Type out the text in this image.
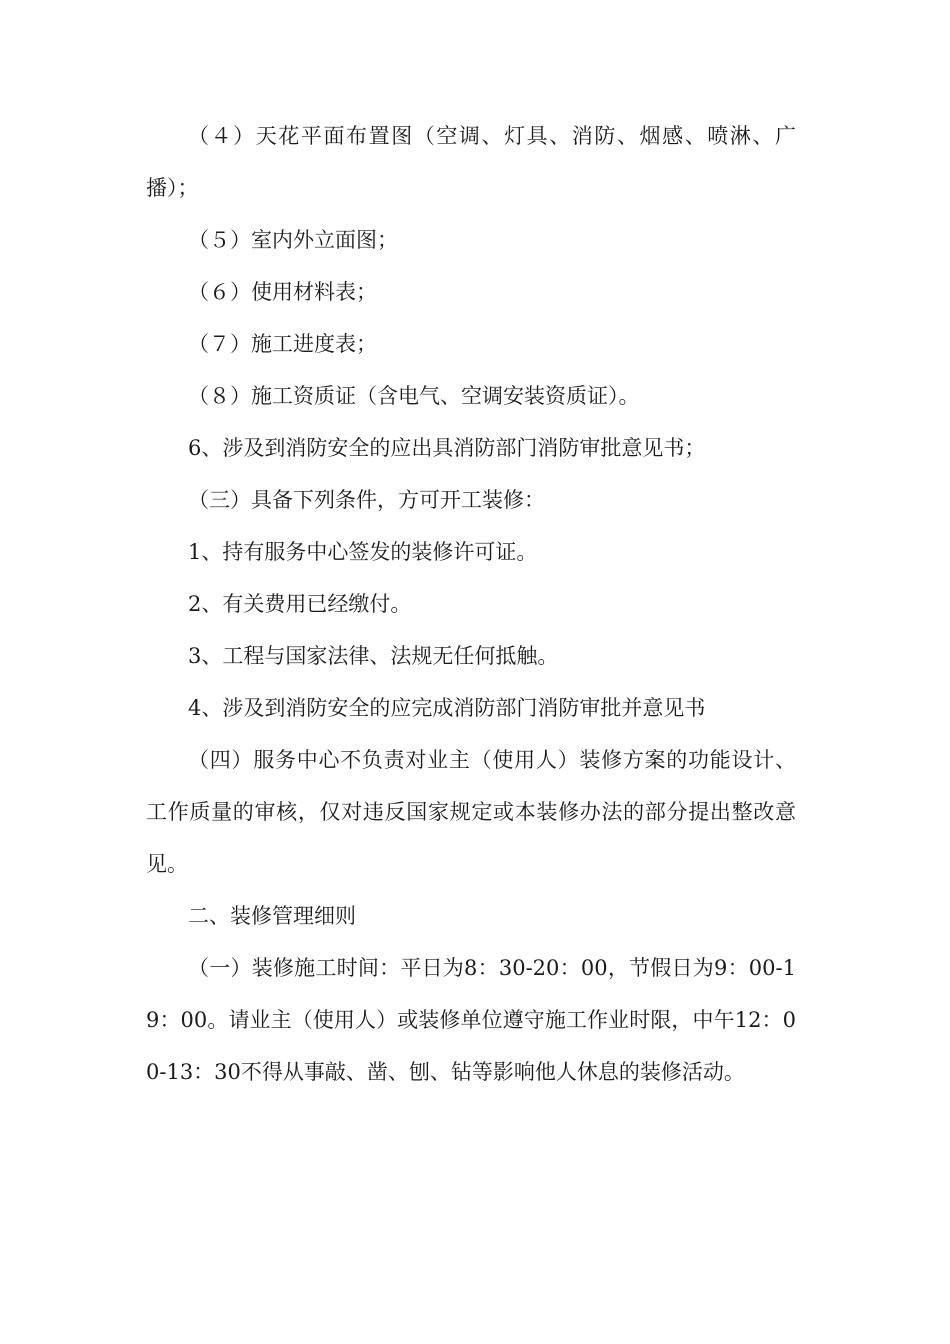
（４）天花平面布置图（空调、灯具、消防、烟感、喷淋、广播）；

（５）室内外立面图；

（６）使用材料表；

（７）施工进度表；

（８）施工资质证（含电气、空调安装资质证）。

6、涉及到消防安全的应出具消防部门消防审批意见书；

（三）具备下列条件，方可开工装修：

1、持有服务中心签发的装修许可证。

2、有关费用已经缴付。

3、工程与国家法律、法规无任何抵触。

4、涉及到消防安全的应完成消防部门消防审批并意见书

（四）服务中心不负责对业主（使用人）装修方案的功能设计、工作质量的审核，仅对违反国家规定或本装修办法的部分提出整改意见。

二、装修管理细则

（一）装修施工时间：平日为8：30-20：00，节假日为9：00-19：00。请业主（使用人）或装修单位遵守施工作业时限，中午12：00-13：30不得从事敲、凿、刨、钻等影响他人休息的装修活动。
